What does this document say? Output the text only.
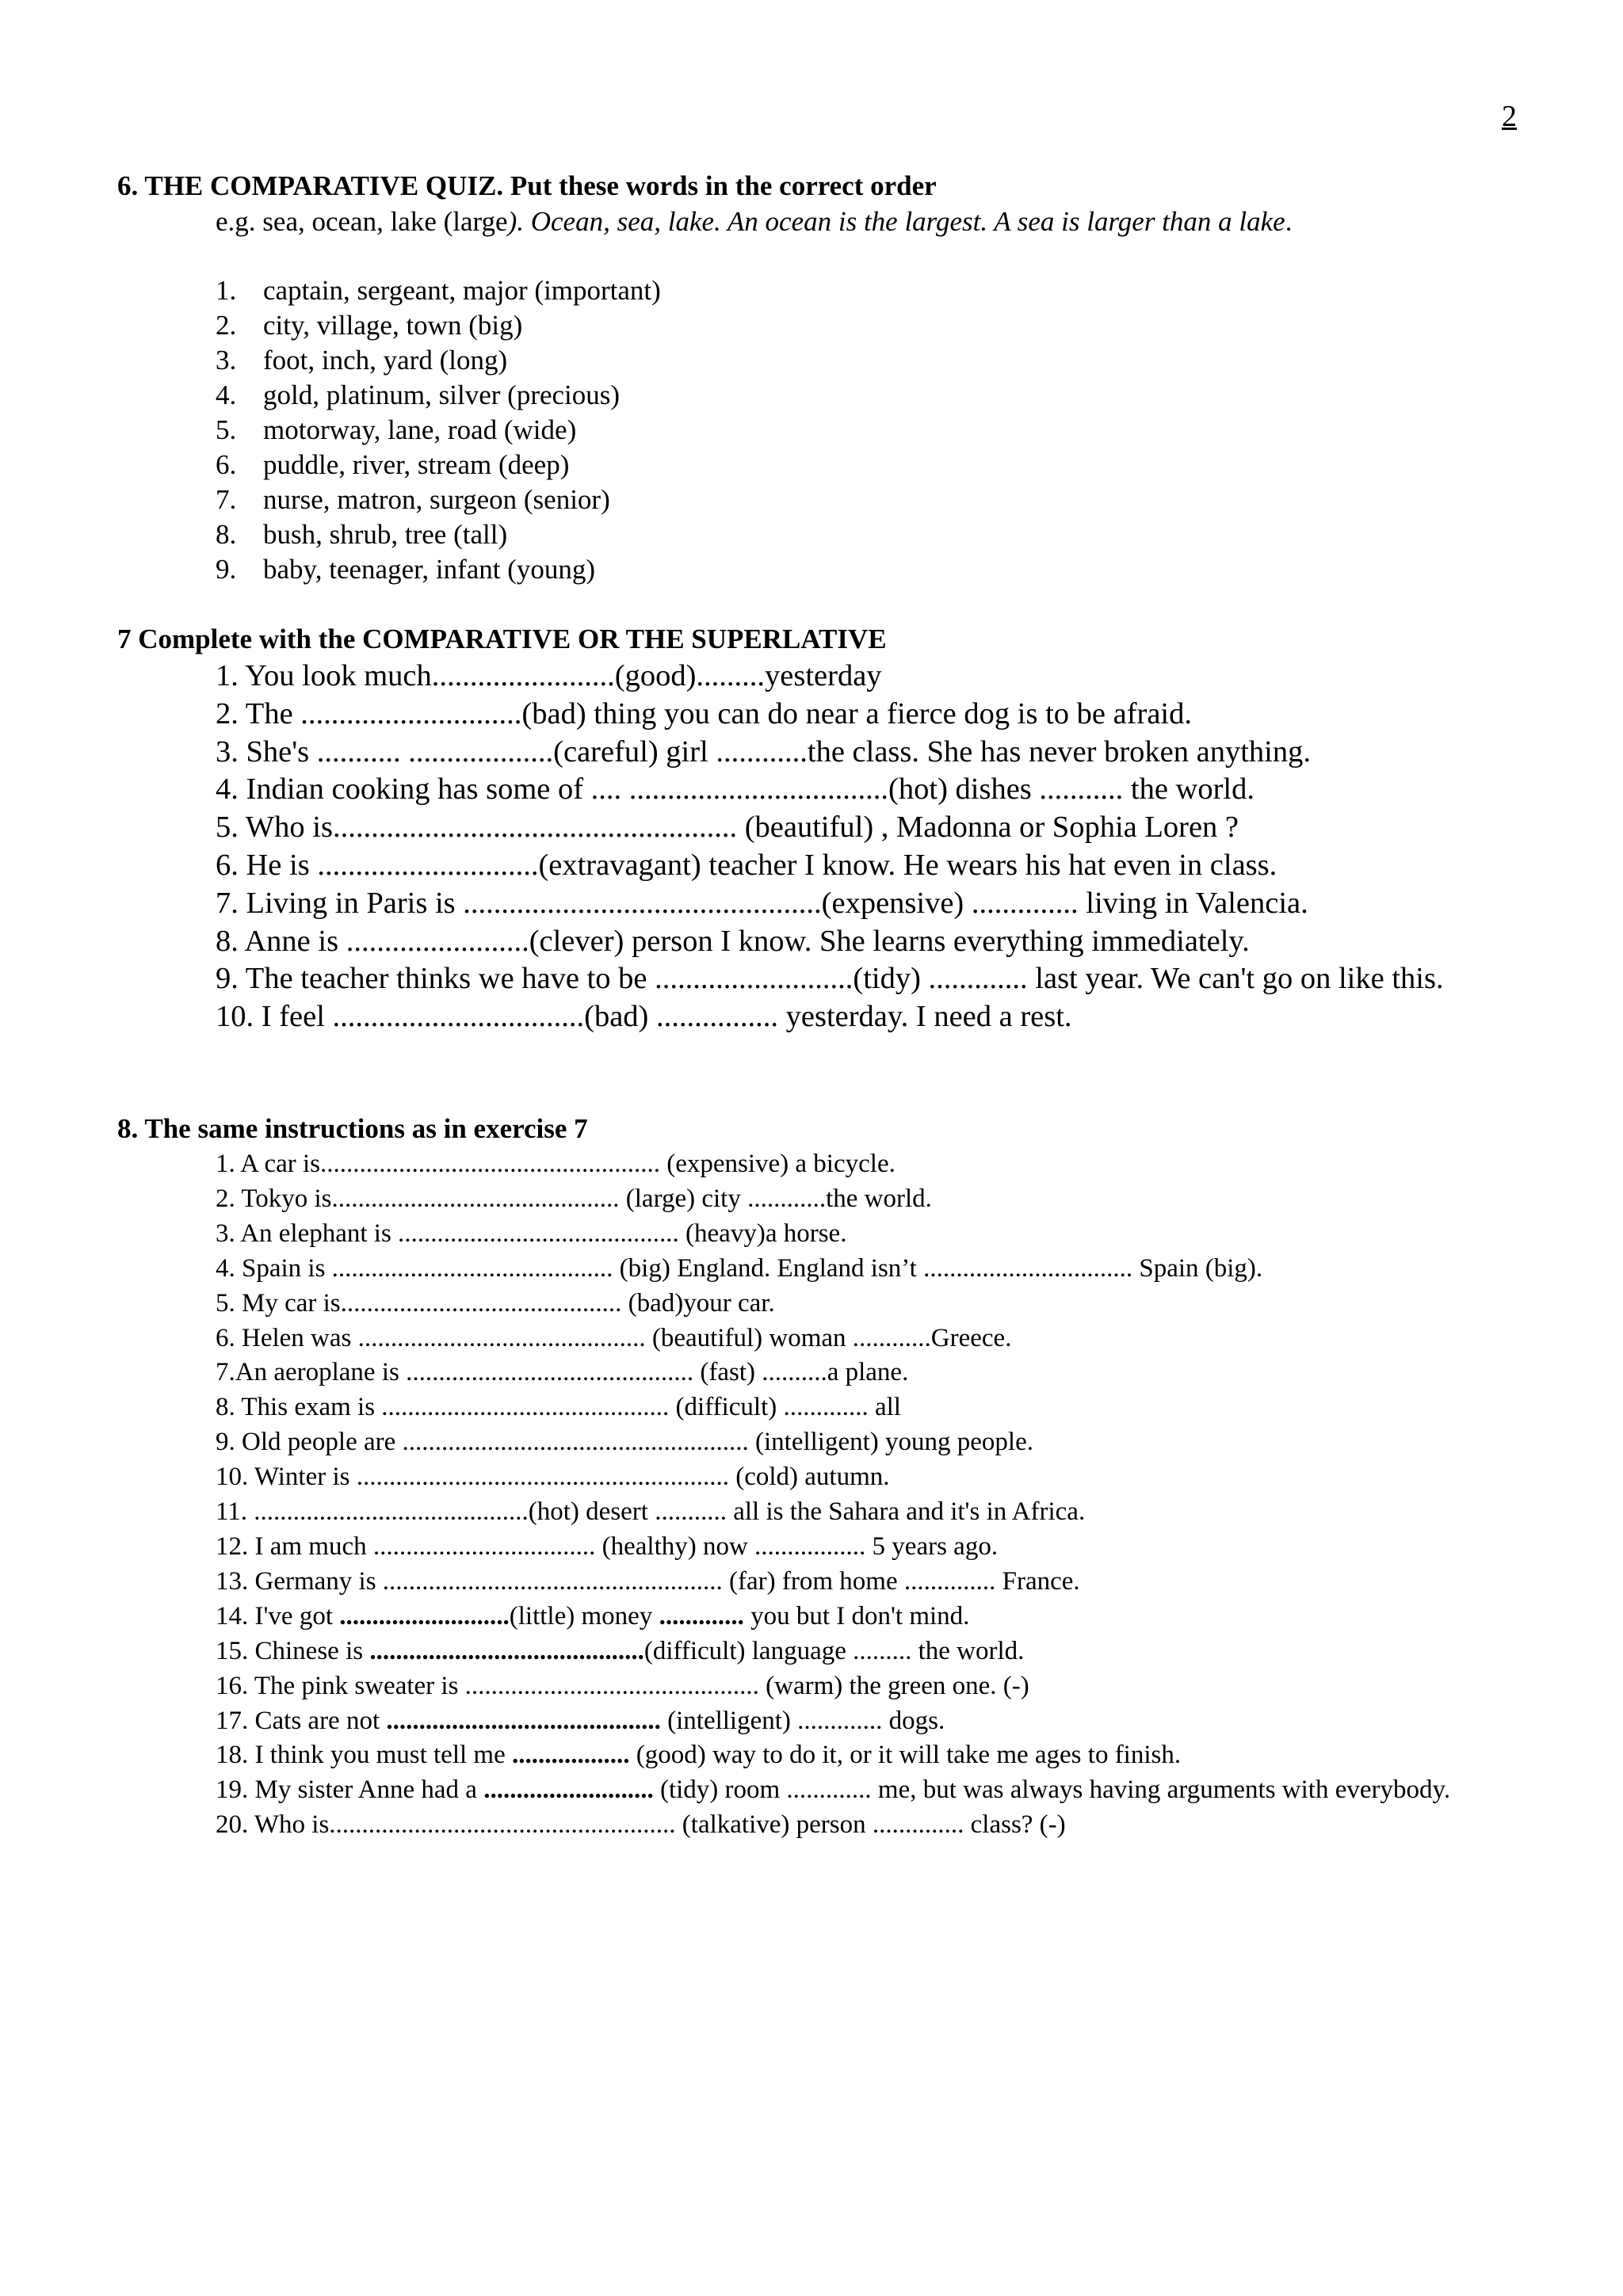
2
6. THE COMPARATIVE QUIZ. Put these words in the correct order
e.g. sea, ocean, lake (large). Ocean, sea, lake. An ocean is the largest. A sea is larger than a lake.
1. captain, sergeant, major (important)
2. city, village, town (big)
3. foot, inch, yard (long)
4. gold, platinum, silver (precious)
5. motorway, lane, road (wide)
6. puddle, river, stream (deep)
7. nurse, matron, surgeon (senior)
8. bush, shrub, tree (tall)
9. baby, teenager, infant (young)
7 Complete with the COMPARATIVE OR THE SUPERLATIVE
1. You look much........................(good).........yesterday
2. The .............................(bad) thing you can do near a fierce dog is to be afraid.
3. She's ........... ...................(careful) girl ............the class. She has never broken anything.
4. Indian cooking has some of .... ..................................(hot) dishes ........... the world.
5. Who is..................................................... (beautiful) , Madonna or Sophia Loren ?
6. He is .............................(extravagant) teacher I know. He wears his hat even in class.
7. Living in Paris is ...............................................(expensive) .............. living in Valencia.
8. Anne is ........................(clever) person I know. She learns everything immediately.
9. The teacher thinks we have to be ..........................(tidy) ............. last year. We can't go on like this.
10. I feel .................................(bad) ................ yesterday. I need a rest.
8. The same instructions as in exercise 7
1. A car is.................................................... (expensive) a bicycle.
2. Tokyo is............................................ (large) city ............the world.
3. An elephant is ........................................... (heavy)a horse.
4. Spain is ........................................... (big) England. England isn’t ................................ Spain (big).
5. My car is........................................... (bad)your car.
6. Helen was ............................................ (beautiful) woman ............Greece.
7.An aeroplane is ............................................ (fast) ..........a plane.
8. This exam is ............................................ (difficult) ............. all
9. Old people are ..................................................... (intelligent) young people.
10. Winter is ......................................................... (cold) autumn.
11. ..........................................(hot) desert ........... all is the Sahara and it's in Africa.
12. I am much .................................. (healthy) now ................. 5 years ago.
13. Germany is .................................................... (far) from home .............. France.
14. I've got ..........................(little) money ............. you but I don't mind.
15. Chinese is ..........................................(difficult) language ......... the world.
16. The pink sweater is ............................................. (warm) the green one. (-)
17. Cats are not .......................................... (intelligent) ............. dogs.
18. I think you must tell me .................. (good) way to do it, or it will take me ages to finish.
19. My sister Anne had a .......................... (tidy) room ............. me, but was always having arguments with everybody.
20. Who is..................................................... (talkative) person .............. class? (-)
